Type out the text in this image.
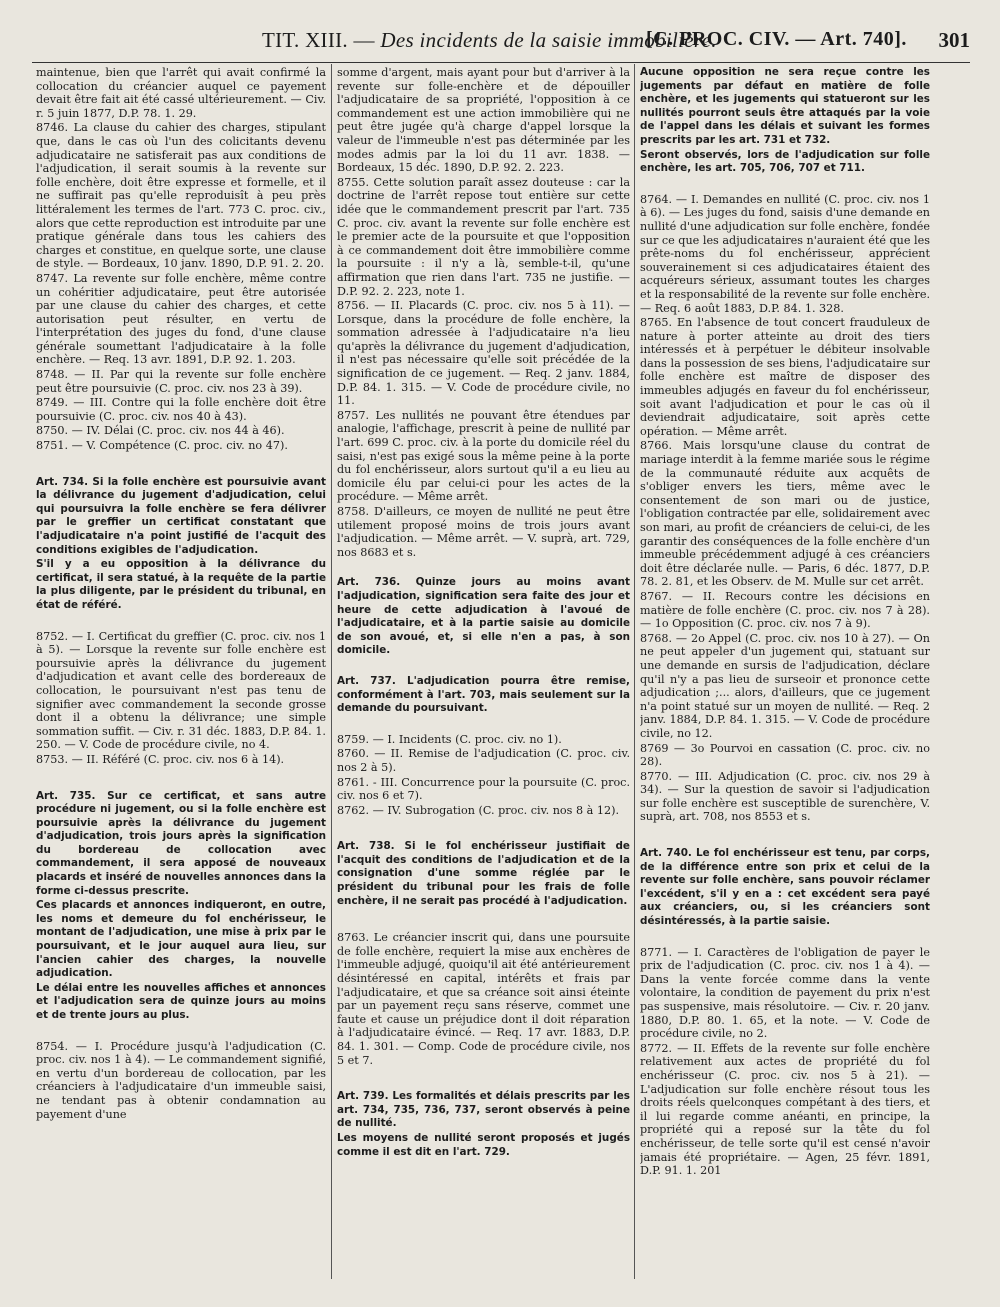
TIT. XIII. — Des incidents de la saisie immobilière.
[C. PROC. CIV. — Art. 740]. 301

maintenue, bien que l'arrêt qui avait confirmé la collocation du créancier auquel ce payement devait être fait ait été cassé ultérieurement. — Civ. r. 5 juin 1877, D.P. 78. 1. 29.

8746. La clause du cahier des charges, stipulant que, dans le cas où l'un des colicitants devenu adjudicataire ne satisferait pas aux conditions de l'adjudication, il serait soumis à la revente sur folle enchère, doit être expresse et formelle, et il ne suffirait pas qu'elle reproduisît à peu près littéralement les termes de l'art. 773 C. proc. civ., alors que cette reproduction est introduite par une pratique générale dans tous les cahiers des charges et constitue, en quelque sorte, une clause de style. — Bordeaux, 10 janv. 1890, D.P. 91. 2. 20.

8747. La revente sur folle enchère, même contre un cohéritier adjudicataire, peut être autorisée par une clause du cahier des charges, et cette autorisation peut résulter, en vertu de l'interprétation des juges du fond, d'une clause générale soumettant l'adjudicataire à la folle enchère. — Req. 13 avr. 1891, D.P. 92. 1. 203.

8748. — II. Par qui la revente sur folle enchère peut être poursuivie (C. proc. civ. nos 23 à 39).

8749. — III. Contre qui la folle enchère doit être poursuivie (C. proc. civ. nos 40 à 43).

8750. — IV. Délai (C. proc. civ. nos 44 à 46).

8751. — V. Compétence (C. proc. civ. no 47).

Art. 734. Si la folle enchère est poursuivie avant la délivrance du jugement d'adjudication, celui qui poursuivra la folle enchère se fera délivrer par le greffier un certificat constatant que l'adjudicataire n'a point justifié de l'acquit des conditions exigibles de l'adjudication.

S'il y a eu opposition à la délivrance du certificat, il sera statué, à la requête de la partie la plus diligente, par le président du tribunal, en état de référé.

8752. — I. Certificat du greffier (C. proc. civ. nos 1 à 5). — Lorsque la revente sur folle enchère est poursuivie après la délivrance du jugement d'adjudication et avant celle des bordereaux de collocation, le poursuivant n'est pas tenu de signifier avec commandement la seconde grosse dont il a obtenu la délivrance; une simple sommation suffit. — Civ. r. 31 déc. 1883, D.P. 84. 1. 250. — V. Code de procédure civile, no 4.

8753. — II. Référé (C. proc. civ. nos 6 à 14).

Art. 735. Sur ce certificat, et sans autre procédure ni jugement, ou si la folle enchère est poursuivie après la délivrance du jugement d'adjudication, trois jours après la signification du bordereau de collocation avec commandement, il sera apposé de nouveaux placards et inséré de nouvelles annonces dans la forme ci-dessus prescrite.

Ces placards et annonces indiqueront, en outre, les noms et demeure du fol enchérisseur, le montant de l'adjudication, une mise à prix par le poursuivant, et le jour auquel aura lieu, sur l'ancien cahier des charges, la nouvelle adjudication.

Le délai entre les nouvelles affiches et annonces et l'adjudication sera de quinze jours au moins et de trente jours au plus.

8754. — I. Procédure jusqu'à l'adjudication (C. proc. civ. nos 1 à 4). — Le commandement signifié, en vertu d'un bordereau de collocation, par les créanciers à l'adjudicataire d'un immeuble saisi, ne tendant pas à obtenir condamnation au payement d'une

somme d'argent, mais ayant pour but d'arriver à la revente sur folle-enchère et de dépouiller l'adjudicataire de sa propriété, l'opposition à ce commandement est une action immobilière qui ne peut être jugée qu'à charge d'appel lorsque la valeur de l'immeuble n'est pas déterminée par les modes admis par la loi du 11 avr. 1838. — Bordeaux, 15 déc. 1890, D.P. 92. 2. 223.

8755. Cette solution paraît assez douteuse : car la doctrine de l'arrêt repose tout entière sur cette idée que le commandement prescrit par l'art. 735 C. proc. civ. avant la revente sur folle enchère est le premier acte de la poursuite et que l'opposition à ce commandement doit être immobilière comme la poursuite : il n'y a là, semble-t-il, qu'une affirmation que rien dans l'art. 735 ne justifie. — D.P. 92. 2. 223, note 1.

8756. — II. Placards (C. proc. civ. nos 5 à 11). — Lorsque, dans la procédure de folle enchère, la sommation adressée à l'adjudicataire n'a lieu qu'après la délivrance du jugement d'adjudication, il n'est pas nécessaire qu'elle soit précédée de la signification de ce jugement. — Req. 2 janv. 1884, D.P. 84. 1. 315. — V. Code de procédure civile, no 11.

8757. Les nullités ne pouvant être étendues par analogie, l'affichage, prescrit à peine de nullité par l'art. 699 C. proc. civ. à la porte du domicile réel du saisi, n'est pas exigé sous la même peine à la porte du fol enchérisseur, alors surtout qu'il a eu lieu au domicile élu par celui-ci pour les actes de la procédure. — Même arrêt.

8758. D'ailleurs, ce moyen de nullité ne peut être utilement proposé moins de trois jours avant l'adjudication. — Même arrêt. — V. suprà, art. 729, nos 8683 et s.

Art. 736. Quinze jours au moins avant l'adjudication, signification sera faite des jour et heure de cette adjudication à l'avoué de l'adjudicataire, et à la partie saisie au domicile de son avoué, et, si elle n'en a pas, à son domicile.

Art. 737. L'adjudication pourra être remise, conformément à l'art. 703, mais seulement sur la demande du poursuivant.

8759. — I. Incidents (C. proc. civ. no 1).

8760. — II. Remise de l'adjudication (C. proc. civ. nos 2 à 5).

8761. - III. Concurrence pour la poursuite (C. proc. civ. nos 6 et 7).

8762. — IV. Subrogation (C. proc. civ. nos 8 à 12).

Art. 738. Si le fol enchérisseur justifiait de l'acquit des conditions de l'adjudication et de la consignation d'une somme réglée par le président du tribunal pour les frais de folle enchère, il ne serait pas procédé à l'adjudication.

8763. Le créancier inscrit qui, dans une poursuite de folle enchère, requiert la mise aux enchères de l'immeuble adjugé, quoiqu'il ait été antérieurement désintéressé en capital, intérêts et frais par l'adjudicataire, et que sa créance soit ainsi éteinte par un payement reçu sans réserve, commet une faute et cause un préjudice dont il doit réparation à l'adjudicataire évincé. — Req. 17 avr. 1883, D.P. 84. 1. 301. — Comp. Code de procédure civile, nos 5 et 7.

Art. 739. Les formalités et délais prescrits par les art. 734, 735, 736, 737, seront observés à peine de nullité.

Les moyens de nullité seront proposés et jugés comme il est dit en l'art. 729.

Aucune opposition ne sera reçue contre les jugements par défaut en matière de folle enchère, et les jugements qui statueront sur les nullités pourront seuls être attaqués par la voie de l'appel dans les délais et suivant les formes prescrits par les art. 731 et 732.

Seront observés, lors de l'adjudication sur folle enchère, les art. 705, 706, 707 et 711.

8764. — I. Demandes en nullité (C. proc. civ. nos 1 à 6). — Les juges du fond, saisis d'une demande en nullité d'une adjudication sur folle enchère, fondée sur ce que les adjudicataires n'auraient été que les prête-noms du fol enchérisseur, apprécient souverainement si ces adjudicataires étaient des acquéreurs sérieux, assumant toutes les charges et la responsabilité de la revente sur folle enchère. — Req. 6 août 1883, D.P. 84. 1. 328.

8765. En l'absence de tout concert frauduleux de nature à porter atteinte au droit des tiers intéressés et à perpétuer le débiteur insolvable dans la possession de ses biens, l'adjudicataire sur folle enchère est maître de disposer des immeubles adjugés en faveur du fol enchérisseur, soit avant l'adjudication et pour le cas où il deviendrait adjudicataire, soit après cette opération. — Même arrêt.

8766. Mais lorsqu'une clause du contrat de mariage interdit à la femme mariée sous le régime de la communauté réduite aux acquêts de s'obliger envers les tiers, même avec le consentement de son mari ou de justice, l'obligation contractée par elle, solidairement avec son mari, au profit de créanciers de celui-ci, de les garantir des conséquences de la folle enchère d'un immeuble précédemment adjugé à ces créanciers doit être déclarée nulle. — Paris, 6 déc. 1877, D.P. 78. 2. 81, et les Observ. de M. Mulle sur cet arrêt.

8767. — II. Recours contre les décisions en matière de folle enchère (C. proc. civ. nos 7 à 28). — 1o Opposition (C. proc. civ. nos 7 à 9).

8768. — 2o Appel (C. proc. civ. nos 10 à 27). — On ne peut appeler d'un jugement qui, statuant sur une demande en sursis de l'adjudication, déclare qu'il n'y a pas lieu de surseoir et prononce cette adjudication ;... alors, d'ailleurs, que ce jugement n'a point statué sur un moyen de nullité. — Req. 2 janv. 1884, D.P. 84. 1. 315. — V. Code de procédure civile, no 12.

8769 — 3o Pourvoi en cassation (C. proc. civ. no 28).

8770. — III. Adjudication (C. proc. civ. nos 29 à 34). — Sur la question de savoir si l'adjudication sur folle enchère est susceptible de surenchère, V. suprà, art. 708, nos 8553 et s.

Art. 740. Le fol enchérisseur est tenu, par corps, de la différence entre son prix et celui de la revente sur folle enchère, sans pouvoir réclamer l'excédent, s'il y en a : cet excédent sera payé aux créanciers, ou, si les créanciers sont désintéressés, à la partie saisie.

8771. — I. Caractères de l'obligation de payer le prix de l'adjudication (C. proc. civ. nos 1 à 4). — Dans la vente forcée comme dans la vente volontaire, la condition de payement du prix n'est pas suspensive, mais résolutoire. — Civ. r. 20 janv. 1880, D.P. 80. 1. 65, et la note. — V. Code de procédure civile, no 2.

8772. — II. Effets de la revente sur folle enchère relativement aux actes de propriété du fol enchérisseur (C. proc. civ. nos 5 à 21). — L'adjudication sur folle enchère résout tous les droits réels quelconques compétant à des tiers, et il lui regarde comme anéanti, en principe, la propriété qui a reposé sur la tête du fol enchérisseur, de telle sorte qu'il est censé n'avoir jamais été propriétaire. — Agen, 25 févr. 1891, D.P. 91. 1. 201
